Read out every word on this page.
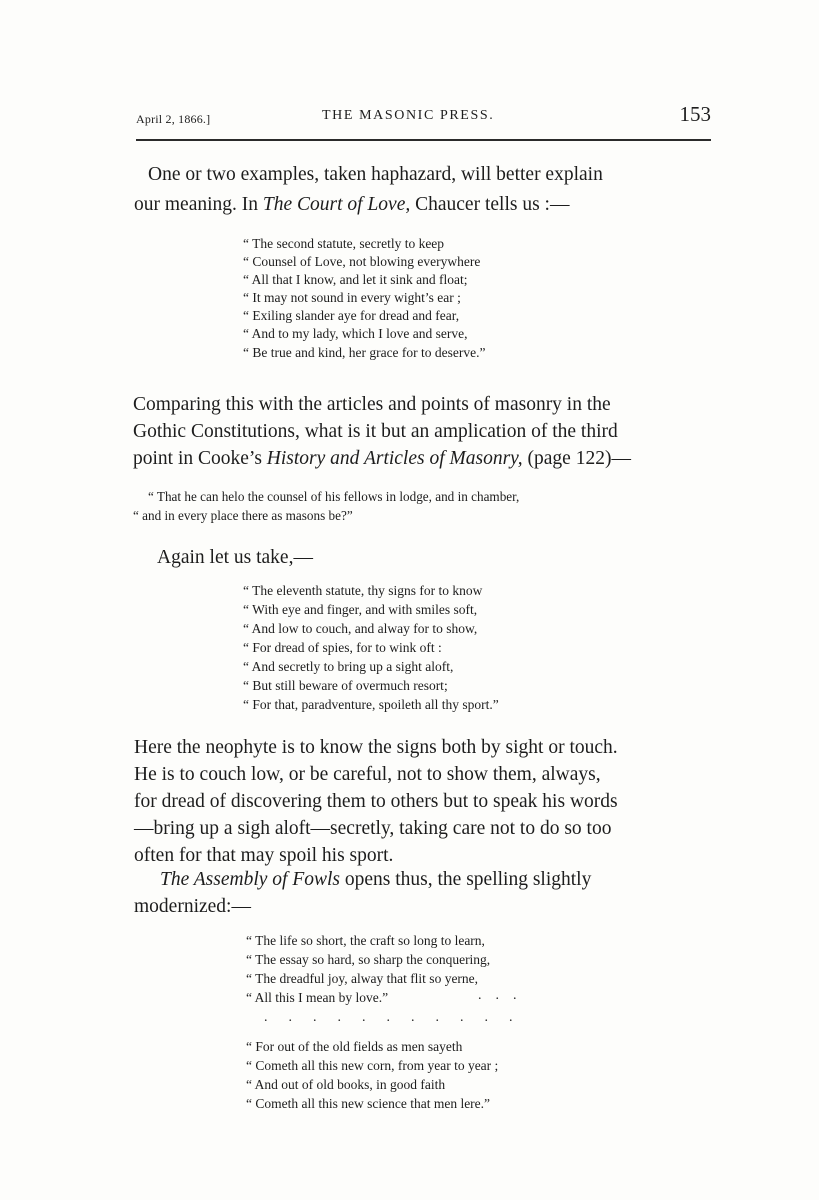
April 2, 1866.]	THE MASONIC PRESS.	153
One or two examples, taken haphazard, will better explain
our meaning. In The Court of Love, Chaucer tells us :—
“ The second statute, secretly to keep
“ Counsel of Love, not blowing everywhere
“ All that I know, and let it sink and float;
“ It may not sound in every wight’s ear ;
“ Exiling slander aye for dread and fear,
“ And to my lady, which I love and serve,
“ Be true and kind, her grace for to deserve.”
Comparing this with the articles and points of masonry in the
Gothic Constitutions, what is it but an amplication of the third
point in Cooke’s History and Articles of Masonry, (page 122)—
“ That he can helo the counsel of his fellows in lodge, and in chamber,
“ and in every place there as masons be?”
Again let us take,—
“ The eleventh statute, thy signs for to know
“ With eye and finger, and with smiles soft,
“ And low to couch, and alway for to show,
“ For dread of spies, for to wink oft :
“ And secretly to bring up a sight aloft,
“ But still beware of overmuch resort;
“ For that, paradventure, spoileth all thy sport.”
Here the neophyte is to know the signs both by sight or touch.
He is to couch low, or be careful, not to show them, always,
for dread of discovering them to others but to speak his words
—bring up a sigh aloft—secretly, taking care not to do so too
often for that may spoil his sport.
The Assembly of Fowls opens thus, the spelling slightly
modernized:—
“ The life so short, the craft so long to learn,
“ The essay so hard, so sharp the conquering,
“ The dreadful joy, alway that flit so yerne,
“ All this I mean by love.”	.    .    .
.      .      .      .      .      .      .      .      .      .      .
“ For out of the old fields as men sayeth
“ Cometh all this new corn, from year to year ;
“ And out of old books, in good faith
“ Cometh all this new science that men lere.”
